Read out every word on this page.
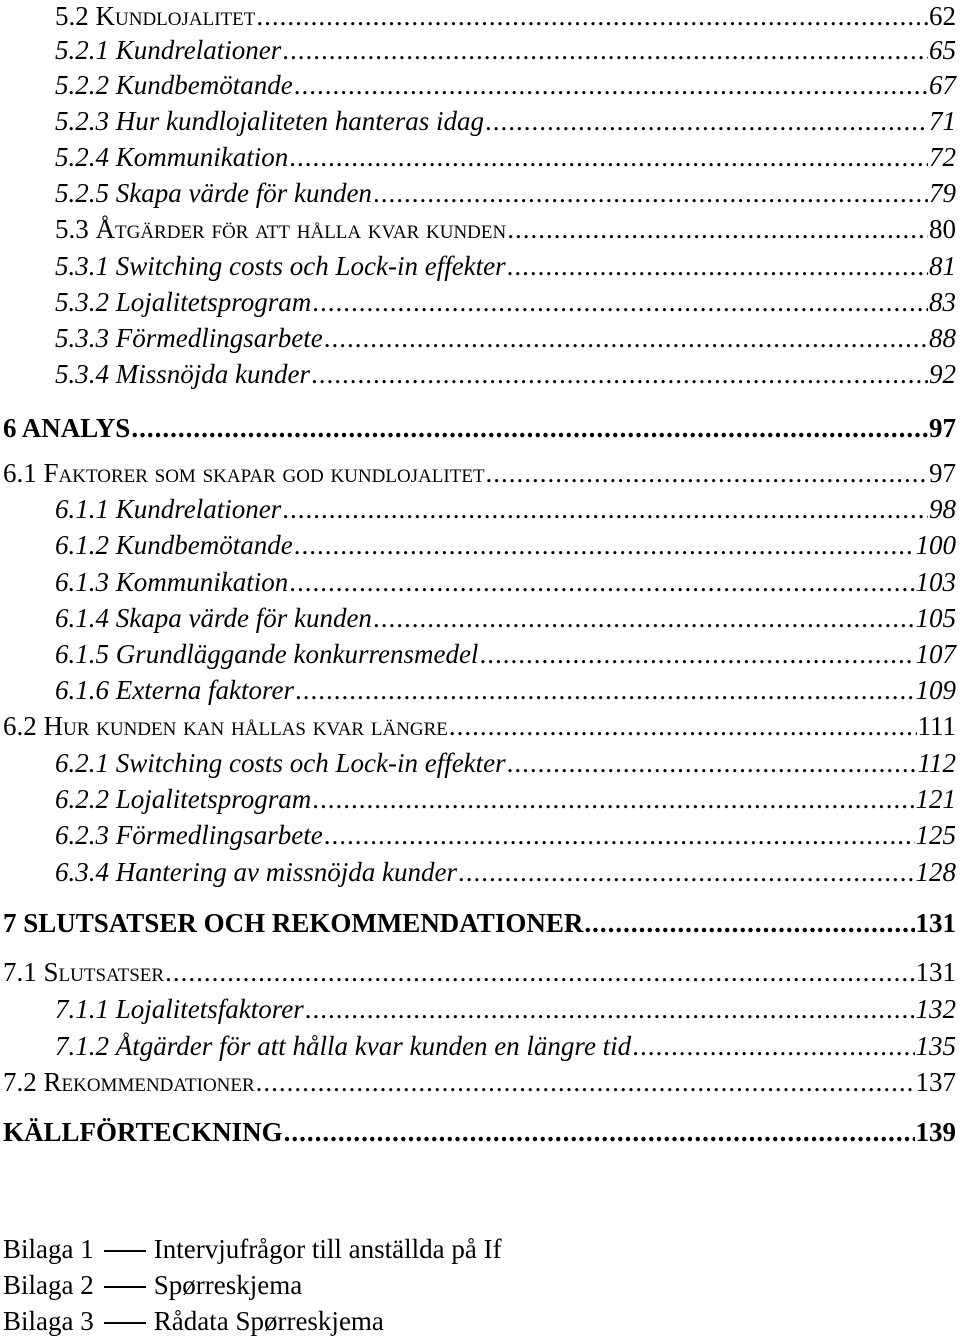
5.2 Kundlojalitet .....	62
5.2.1 Kundrelationer .....	65
5.2.2 Kundbemötande .....	67
5.2.3 Hur kundlojaliteten hanteras idag .....	71
5.2.4 Kommunikation .....	72
5.2.5 Skapa värde för kunden .....	79
5.3 Åtgärder för att hålla kvar kunden .....	80
5.3.1 Switching costs och Lock-in effekter .....	81
5.3.2 Lojalitetsprogram .....	83
5.3.3 Förmedlingsarbete .....	88
5.3.4 Missnöjda kunder .....	92
6 ANALYS .....	97
6.1 Faktorer som skapar god kundlojalitet .....	97
6.1.1 Kundrelationer .....	98
6.1.2 Kundbemötande .....	100
6.1.3 Kommunikation .....	103
6.1.4 Skapa värde för kunden .....	105
6.1.5 Grundläggande konkurrensmedel .....	107
6.1.6 Externa faktorer .....	109
6.2 Hur kunden kan hållas kvar längre .....	111
6.2.1 Switching costs och Lock-in effekter .....	112
6.2.2 Lojalitetsprogram .....	121
6.2.3 Förmedlingsarbete .....	125
6.3.4 Hantering av missnöjda kunder .....	128
7 SLUTSATSER OCH REKOMMENDATIONER .....	131
7.1 Slutsatser .....	131
7.1.1 Lojalitetsfaktorer .....	132
7.1.2 Åtgärder för att hålla kvar kunden en längre tid .....	135
7.2 Rekommendationer .....	137
KÄLLFÖRTECKNING .....	139
Bilaga 1 Intervjufrågor till anställda på If
Bilaga 2 Spørreskjema
Bilaga 3 Rådata Spørreskjema
